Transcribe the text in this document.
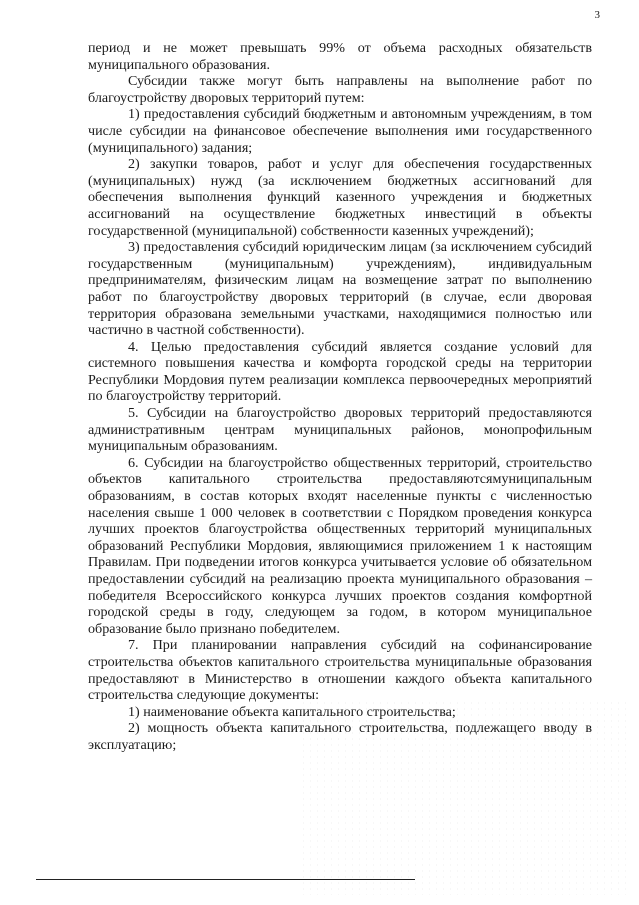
3

период и не может превышать 99% от объема расходных обязательств муниципального образования.

Субсидии также могут быть направлены на выполнение работ по благоустройству дворовых территорий путем:

1) предоставления субсидий бюджетным и автономным учреждениям, в том числе субсидии на финансовое обеспечение выполнения ими государственного (муниципального) задания;

2) закупки товаров, работ и услуг для обеспечения государственных (муниципальных) нужд (за исключением бюджетных ассигнований для обеспечения выполнения функций казенного учреждения и бюджетных ассигнований на осуществление бюджетных инвестиций в объекты государственной (муниципальной) собственности казенных учреждений);

3) предоставления субсидий юридическим лицам (за исключением субсидий государственным (муниципальным) учреждениям), индивидуальным предпринимателям, физическим лицам на возмещение затрат по выполнению работ по благоустройству дворовых территорий (в случае, если дворовая территория образована земельными участками, находящимися полностью или частично в частной собственности).

4. Целью предоставления субсидий является создание условий для системного повышения качества и комфорта городской среды на территории Республики Мордовия путем реализации комплекса первоочередных мероприятий по благоустройству территорий.

5. Субсидии на благоустройство дворовых территорий предоставляются административным центрам муниципальных районов, монопрофильным муниципальным образованиям.

6. Субсидии на благоустройство общественных территорий, строительство объектов капитального строительства предоставляютсямуниципальным образованиям, в состав которых входят населенные пункты с численностью населения свыше 1 000 человек в соответствии с Порядком проведения конкурса лучших проектов благоустройства общественных территорий муниципальных образований Республики Мордовия, являющимися приложением 1 к настоящим Правилам. При подведении итогов конкурса учитывается условие об обязательном предоставлении субсидий на реализацию проекта муниципального образования – победителя Всероссийского конкурса лучших проектов создания комфортной городской среды в году, следующем за годом, в котором муниципальное образование было признано победителем.

7. При планировании направления субсидий на софинансирование строительства объектов капитального строительства муниципальные образования предоставляют в Министерство в отношении каждого объекта капитального строительства следующие документы:

1) наименование объекта капитального строительства;

2) мощность объекта капитального строительства, подлежащего вводу в эксплуатацию;
